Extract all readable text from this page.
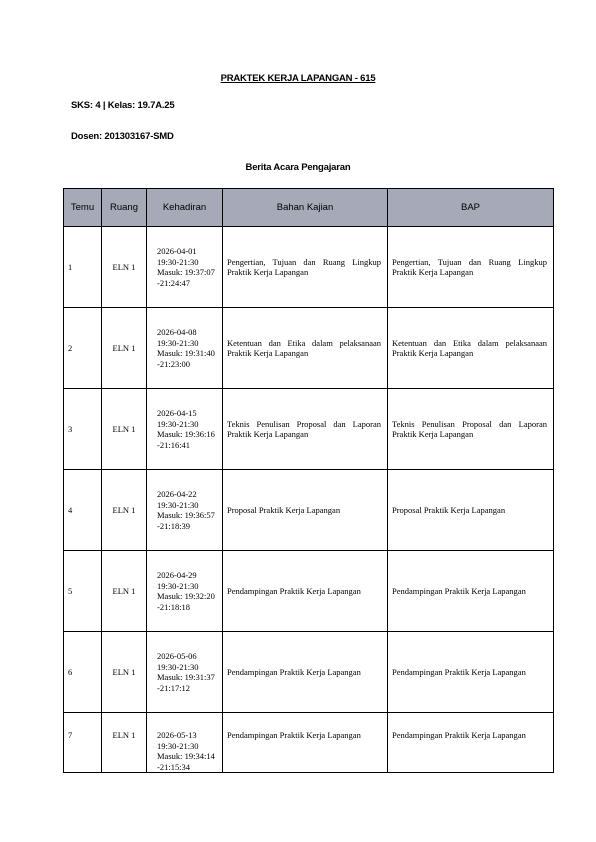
PRAKTEK KERJA LAPANGAN - 615
SKS: 4 | Kelas: 19.7A.25
Dosen: 201303167-SMD
Berita Acara Pengajaran
Temu	Ruang	Kehadiran	Bahan Kajian	BAP
1	ELN 1	2026-04-01
19:30-21:30
Masuk: 19:37:07
-21:24:47	Pengertian, Tujuan dan Ruang Lingkup Praktik Kerja Lapangan	Pengertian, Tujuan dan Ruang Lingkup Praktik Kerja Lapangan
2	ELN 1	2026-04-08
19:30-21:30
Masuk: 19:31:40
-21:23:00	Ketentuan dan Etika dalam pelaksanaan Praktik Kerja Lapangan	Ketentuan dan Etika dalam pelaksanaan Praktik Kerja Lapangan
3	ELN 1	2026-04-15
19:30-21:30
Masuk: 19:36:16
-21:16:41	Teknis Penulisan Proposal dan Laporan Praktik Kerja Lapangan	Teknis Penulisan Proposal dan Laporan Praktik Kerja Lapangan
4	ELN 1	2026-04-22
19:30-21:30
Masuk: 19:36:57
-21:18:39	Proposal Praktik Kerja Lapangan	Proposal Praktik Kerja Lapangan
5	ELN 1	2026-04-29
19:30-21:30
Masuk: 19:32:20
-21:18:18	Pendampingan Praktik Kerja Lapangan	Pendampingan Praktik Kerja Lapangan
6	ELN 1	2026-05-06
19:30-21:30
Masuk: 19:31:37
-21:17:12	Pendampingan Praktik Kerja Lapangan	Pendampingan Praktik Kerja Lapangan
7	ELN 1	2026-05-13
19:30-21:30
Masuk: 19:34:14
-21:15:34	Pendampingan Praktik Kerja Lapangan	Pendampingan Praktik Kerja Lapangan
